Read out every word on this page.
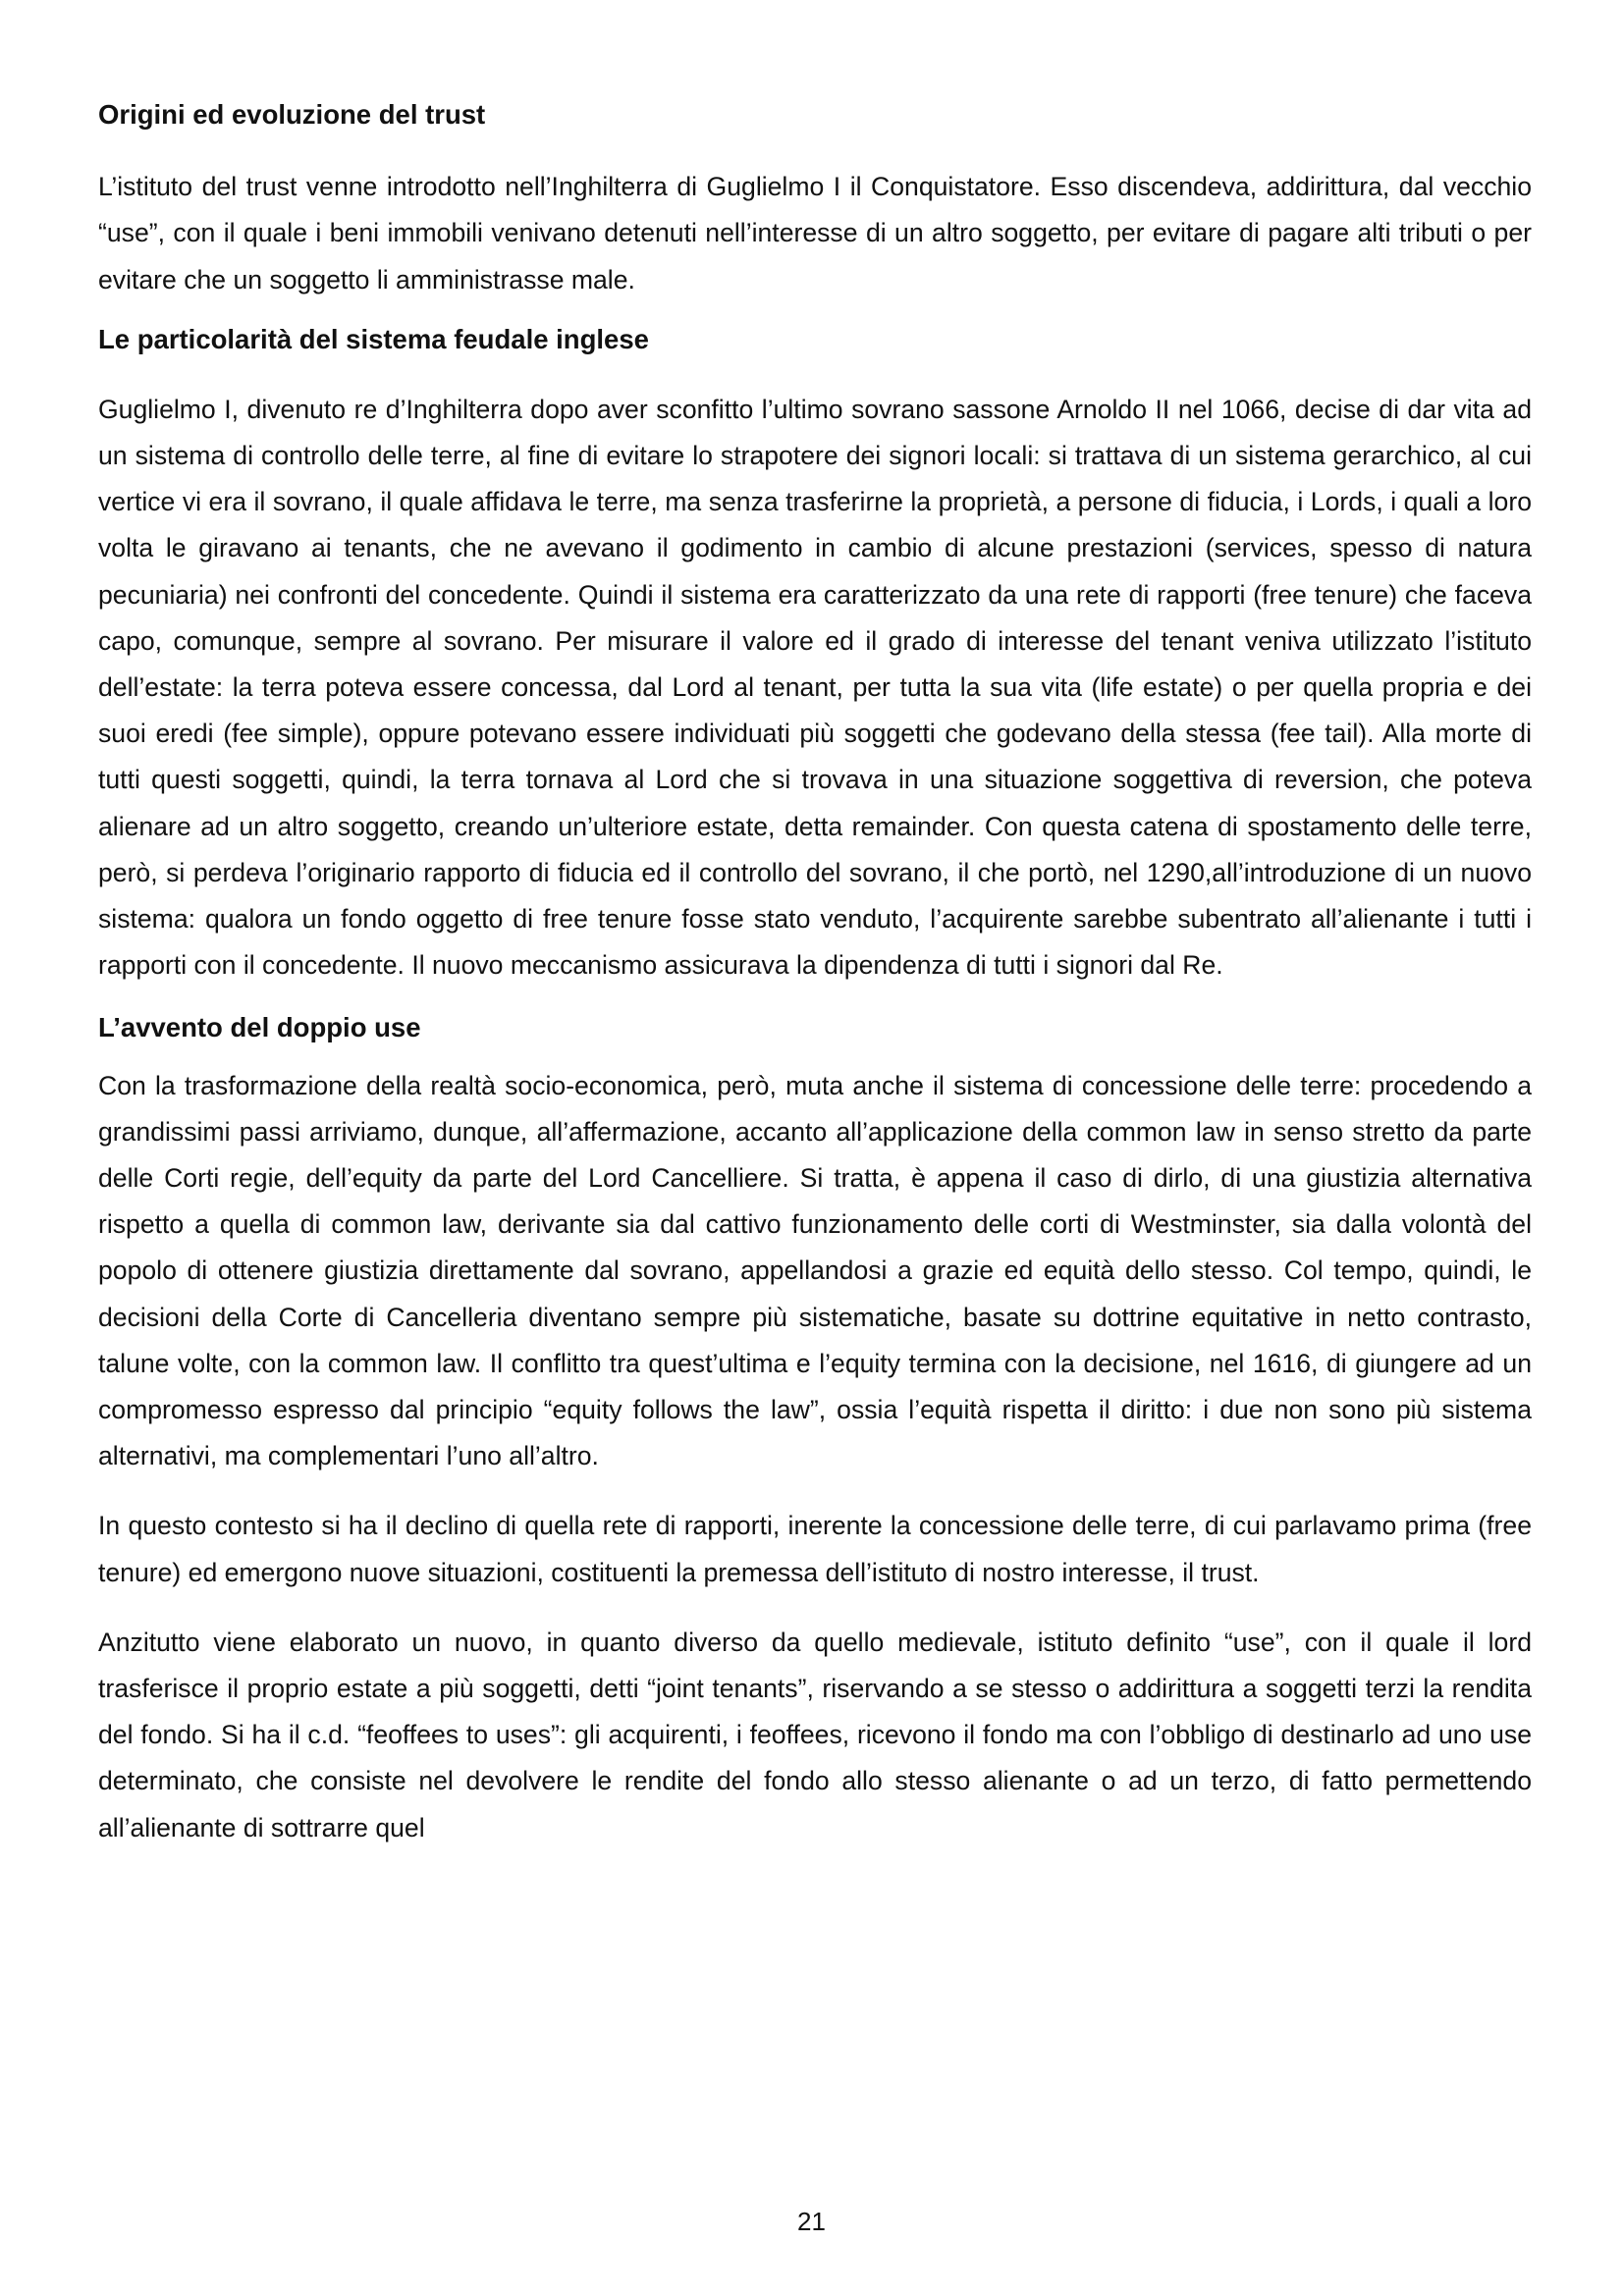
Origini ed evoluzione del trust

L’istituto del trust venne introdotto nell’Inghilterra di Guglielmo I il Conquistatore. Esso discendeva, addirittura, dal vecchio “use”, con il quale i beni immobili venivano detenuti nell’interesse di un altro soggetto, per evitare di pagare alti tributi o per evitare che un soggetto li amministrasse male.

Le particolarità del sistema feudale inglese

Guglielmo I, divenuto re d’Inghilterra dopo aver sconfitto l’ultimo sovrano sassone Arnoldo II nel 1066, decise di dar vita ad un sistema di controllo delle terre, al fine di evitare lo strapotere dei signori locali: si trattava di un sistema gerarchico, al cui vertice vi era il sovrano, il quale affidava le terre, ma senza trasferirne la proprietà, a persone di fiducia, i Lords, i quali a loro volta le giravano ai tenants, che ne avevano il godimento in cambio di alcune prestazioni (services, spesso di natura pecuniaria) nei confronti del concedente. Quindi il sistema era caratterizzato da una rete di rapporti (free tenure) che faceva capo, comunque, sempre al sovrano. Per misurare il valore ed il grado di interesse del tenant veniva utilizzato l’istituto dell’estate: la terra poteva essere concessa, dal Lord al tenant, per tutta la sua vita (life estate) o per quella propria e dei suoi eredi (fee simple), oppure potevano essere individuati più soggetti che godevano della stessa (fee tail). Alla morte di tutti questi soggetti, quindi, la terra tornava al Lord che si trovava in una situazione soggettiva di reversion, che poteva alienare ad un altro soggetto, creando un’ulteriore estate, detta remainder. Con questa catena di spostamento delle terre, però, si perdeva l’originario rapporto di fiducia ed il controllo del sovrano, il che portò, nel 1290,all’introduzione di un nuovo sistema: qualora un fondo oggetto di free tenure fosse stato venduto, l’acquirente sarebbe subentrato all’alienante i tutti i rapporti con il concedente. Il nuovo meccanismo assicurava la dipendenza di tutti i signori dal Re.

L’avvento del doppio use

Con la trasformazione della realtà socio-economica, però, muta anche il sistema di concessione delle terre: procedendo a grandissimi passi arriviamo, dunque, all’affermazione, accanto all’applicazione della common law in senso stretto da parte delle Corti regie, dell’equity da parte del Lord Cancelliere. Si tratta, è appena il caso di dirlo, di una giustizia alternativa rispetto a quella di common law, derivante sia dal cattivo funzionamento delle corti di Westminster, sia dalla volontà del popolo di ottenere giustizia direttamente dal sovrano, appellandosi a grazie ed equità dello stesso. Col tempo, quindi, le decisioni della Corte di Cancelleria diventano sempre più sistematiche, basate su dottrine equitative in netto contrasto, talune volte, con la common law. Il conflitto tra quest’ultima e l’equity termina con la decisione, nel 1616, di giungere ad un compromesso espresso dal principio “equity follows the law”, ossia l’equità rispetta il diritto: i due non sono più sistema alternativi, ma complementari l’uno all’altro.

In questo contesto si ha il declino di quella rete di rapporti, inerente la concessione delle terre, di cui parlavamo prima (free tenure) ed emergono nuove situazioni, costituenti la premessa dell’istituto di nostro interesse, il trust.

Anzitutto viene elaborato un nuovo, in quanto diverso da quello medievale, istituto definito “use”, con il quale il lord trasferisce il proprio estate a più soggetti, detti “joint tenants”, riservando a se stesso o addirittura a soggetti terzi la rendita del fondo. Si ha il c.d. “feoffees to uses”: gli acquirenti, i feoffees, ricevono il fondo ma con l’obbligo di destinarlo ad uno use determinato, che consiste nel devolvere le rendite del fondo allo stesso alienante o ad un terzo, di fatto permettendo all’alienante di sottrarre quel

21
